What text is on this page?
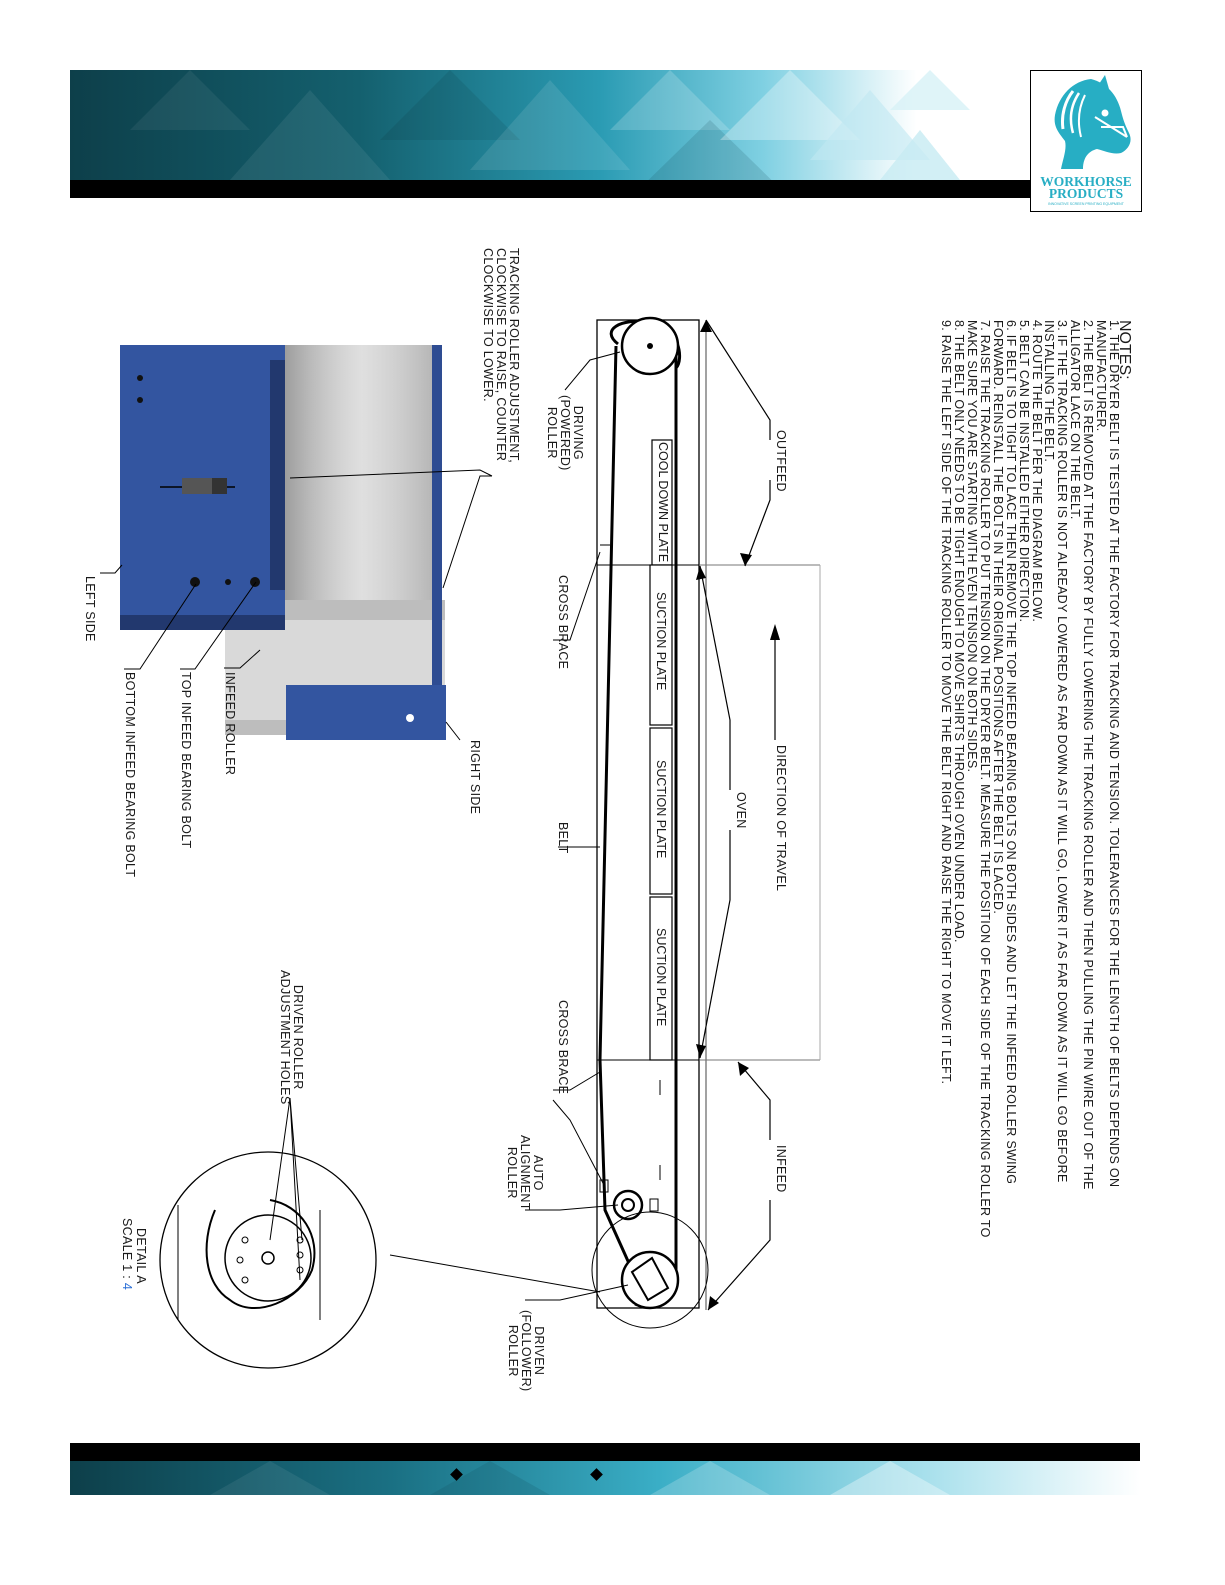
WORKHORSE
PRODUCTS
INNOVATIVE SCREEN PRINTING EQUIPMENT
NOTES:
1. THE DRYER BELT IS TESTED AT THE FACTORY FOR TRACKING AND TENSION. TOLERANCES FOR THE LENGTH OF BELTS DEPENDS ON
MANUFACTURER.
2. THE BELT IS REMOVED AT THE FACTORY BY FULLY LOWERING THE TRACKING ROLLER AND THEN PULLING THE PIN WIRE OUT OF THE
ALLIGATOR LACE ON THE BELT.
3. IF THE TRACKING ROLLER IS NOT ALREADY LOWERED AS FAR DOWN AS IT WILL GO, LOWER IT AS FAR DOWN AS IT WILL GO BEFORE
INSTALLING THE BELT.
4. ROUTE THE BELT PER THE DIAGRAM BELOW.
5. BELT CAN BE INSTALLED EITHER DIRECTION.
6. IF BELT IS TO TIGHT TO LACE THEN REMOVE THE TOP INFEED BEARING BOLTS ON BOTH SIDES AND LET THE INFEED ROLLER SWING
FORWARD. REINSTALL THE BOLTS IN THEIR ORIGINAL POSITIONS AFTER THE BELT IS LACED.
7. RAISE THE TRACKING ROLLER TO PUT TENSION ON THE DRYER BELT. MEASURE THE POSITION OF EACH SIDE OF THE TRACKING ROLLER TO
MAKE SURE YOU ARE STARTING WITH EVEN TENSION ON BOTH SIDES.
8. THE BELT ONLY NEEDS TO BE TIGHT ENOUGH TO MOVE SHIRTS THROUGH OVEN UNDER LOAD.
9. RAISE THE LEFT SIDE OF THE TRACKING ROLLER TO MOVE THE BELT RIGHT AND RAISE THE RIGHT TO MOVE IT LEFT.
OUTFEED
DIRECTION OF TRAVEL
OVEN
INFEED
COOL DOWN PLATE
SUCTION PLATE
SUCTION PLATE
SUCTION PLATE
DRIVING
(POWERED)
ROLLER
CROSS BRACE
CROSS BRACE
BELT
AUTO
ALIGNMENT
ROLLER
DRIVEN
(FOLLOWER)
ROLLER
TRACKING ROLLER ADJUSTMENT,
CLOCKWISE TO RAISE, COUNTER
CLOCKWISE TO LOWER.
RIGHT SIDE
LEFT SIDE
INFEED ROLLER
TOP INFEED BEARING BOLT
BOTTOM INFEED BEARING BOLT
DRIVEN ROLLER
ADJUSTMENT HOLES
DETAIL A
SCALE 1 : 4
